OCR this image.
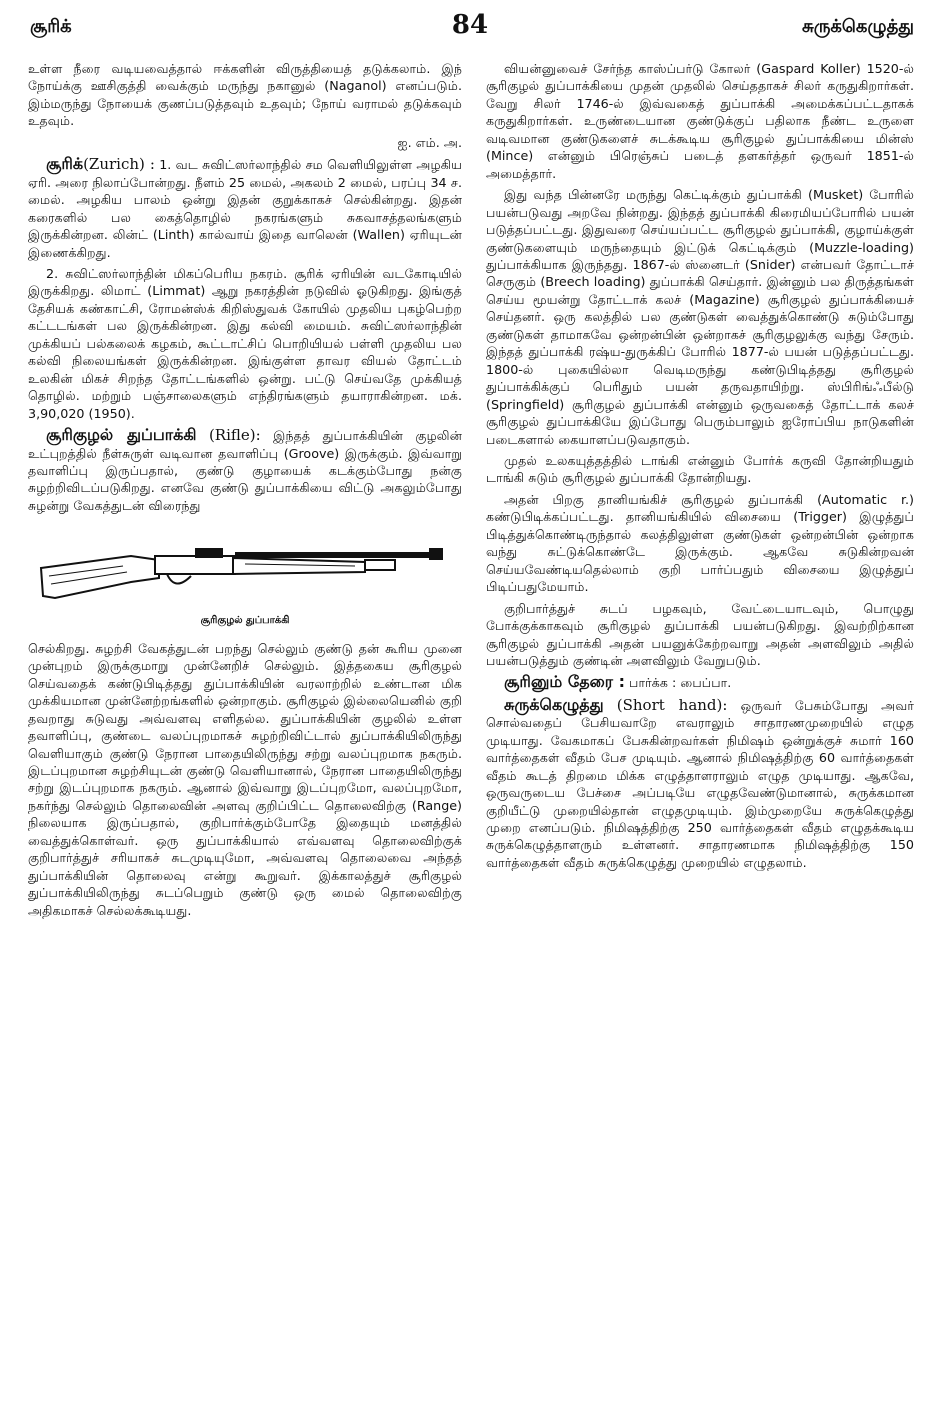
சூரிக்	84	சுருக்கெழுத்து

உள்ள நீரை வடியவைத்தால் ஈக்களின் விருத்தியைத் தடுக்கலாம். இந் நோய்க்கு ஊசிகுத்தி வைக்கும் மருந்து நகானுல் (Naganol) எனப்படும். இம்மருந்து நோயைக் குணப்படுத்தவும் உதவும்; நோய் வராமல் தடுக்கவும் உதவும்.

ஐ. எம். அ.

சூரிக்(Zurich) : 1. வட சுவிட்ஸர்லாந்தில் சம வெளியிலுள்ள அழகிய ஏரி. அரை நிலாப்போன்றது. நீளம் 25 மைல், அகலம் 2 மைல், பரப்பு 34 ச. மைல். அழகிய பாலம் ஒன்று இதன் குறுக்காகச் செல்கின்றது. இதன் கரைகளில் பல கைத்தொழில் நகரங்களும் சுகவாசத்தலங்களும் இருக்கின்றன. லின்ட் (Linth) கால்வாய் இதை வாலென் (Wallen) ஏரியுடன் இணைக்கிறது.

2. சுவிட்ஸர்லாந்தின் மிகப்பெரிய நகரம். சூரிக் ஏரியின் வடகோடியில் இருக்கிறது. லிமாட் (Limmat) ஆறு நகரத்தின் நடுவில் ஓடுகிறது. இங்குத் தேசியக் கண்காட்சி, ரோமன்ஸ்க் கிறிஸ்துவக் கோயில் முதலிய புகழ்பெற்ற கட்டடங்கள் பல இருக்கின்றன. இது கல்வி மையம். சுவிட்ஸர்லாந்தின் முக்கியப் பல்கலைக் கழகம், கூட்டாட்சிப் பொறியியல் பள்ளி முதலிய பல கல்வி நிலையங்கள் இருக்கின்றன. இங்குள்ள தாவர வியல் தோட்டம் உலகின் மிகச் சிறந்த தோட்டங்களில் ஒன்று. பட்டு செய்வதே முக்கியத் தொழில். மற்றும் பஞ்சாலைகளும் எந்திரங்களும் தயாராகின்றன. மக். 3,90,020 (1950).

சூரிகுழல் துப்பாக்கி (Rifle): இந்தத் துப்பாக்கியின் குழலின் உட்புறத்தில் நீள்சுருள் வடிவான தவாளிப்பு (Groove) இருக்கும். இவ்வாறு தவாளிப்பு இருப்பதால், குண்டு குழாயைக் கடக்கும்போது நன்கு சுழற்றிவிடப்படுகிறது. எனவே குண்டு துப்பாக்கியை விட்டு அகலும்போது சுழன்று வேகத்துடன் விரைந்து

சூரிகுழல் துப்பாக்கி

செல்கிறது. சுழற்சி வேகத்துடன் பறந்து செல்லும் குண்டு தன் கூரிய முனை முன்புறம் இருக்குமாறு முன்னேறிச் செல்லும். இத்தகைய சூரிகுழல் செய்வதைக் கண்டுபிடித்தது துப்பாக்கியின் வரலாற்றில் உண்டான மிக முக்கியமான முன்னேற்றங்களில் ஒன்றாகும். சூரிகுழல் இல்லையெனில் குறி தவறாது சுடுவது அவ்வளவு எளிதல்ல. துப்பாக்கியின் குழலில் உள்ள தவாளிப்பு, குண்டை வலப்புறமாகச் சுழற்றிவிட்டால் துப்பாக்கியிலிருந்து வெளியாகும் குண்டு நேரான பாதையிலிருந்து சற்று வலப்புறமாக நகரும். இடப்புறமான சுழற்சியுடன் குண்டு வெளியானால், நேரான பாதையிலிருந்து சற்று இடப்புறமாக நகரும். ஆனால் இவ்வாறு இடப்புறமோ, வலப்புறமோ, நகர்ந்து செல்லும் தொலைவின் அளவு குறிப்பிட்ட தொலைவிற்கு (Range) நிலையாக இருப்பதால், குறிபார்க்கும்போதே இதையும் மனத்தில் வைத்துக்கொள்வர். ஒரு துப்பாக்கியால் எவ்வளவு தொலைவிற்குக் குறிபார்த்துச் சரியாகச் சுடமுடியுமோ, அவ்வளவு தொலைவை அந்தத் துப்பாக்கியின் தொலைவு என்று கூறுவர். இக்காலத்துச் சூரிகுழல் துப்பாக்கியிலிருந்து சுடப்பெறும் குண்டு ஒரு மைல் தொலைவிற்கு அதிகமாகச் செல்லக்கூடியது.

வியன்னுவைச் சேர்ந்த காஸ்ப்பர்டு கோலர் (Gaspard Koller) 1520-ல் சூரிகுழல் துப்பாக்கியை முதன் முதலில் செய்ததாகச் சிலர் கருதுகிறார்கள். வேறு சிலர் 1746-ல் இவ்வகைத் துப்பாக்கி அமைக்கப்பட்டதாகக் கருதுகிறார்கள். உருண்டையான குண்டுக்குப் பதிலாக நீண்ட உருளை வடிவமான குண்டுகளைச் சுடக்கூடிய சூரிகுழல் துப்பாக்கியை மின்ஸ் (Mince) என்னும் பிரெஞ்சுப் படைத் தளகர்த்தர் ஒருவர் 1851-ல் அமைத்தார்.

இது வந்த பின்னரே மருந்து கெட்டிக்கும் துப்பாக்கி (Musket) போரில் பயன்படுவது அறவே நின்றது. இந்தத் துப்பாக்கி கிரைமியப்போரில் பயன் படுத்தப்பட்டது. இதுவரை செய்யப்பட்ட சூரிகுழல் துப்பாக்கி, குழாய்க்குள் குண்டுகளையும் மருந்தையும் இட்டுக் கெட்டிக்கும் (Muzzle-loading) துப்பாக்கியாக இருந்தது. 1867-ல் ஸ்னைடர் (Snider) என்பவர் தோட்டாச் செருகும் (Breech loading) துப்பாக்கி செய்தார். இன்னும் பல திருத்தங்கள் செய்ய மூயன்று தோட்டாக் கலச் (Magazine) சூரிகுழல் துப்பாக்கியைச் செய்தனர். ஒரு கலத்தில் பல குண்டுகள் வைத்துக்கொண்டு சுடும்போது குண்டுகள் தாமாகவே ஒன்றன்பின் ஒன்றாகச் சூரிகுழலுக்கு வந்து சேரும். இந்தத் துப்பாக்கி ரஷ்ய-துருக்கிப் போரில் 1877-ல் பயன் படுத்தப்பட்டது. 1800-ல் புகையில்லா வெடிமருந்து கண்டுபிடித்தது சூரிகுழல் துப்பாக்கிக்குப் பெரிதும் பயன் தருவதாயிற்று. ஸ்பிரிங்ஃபீல்டு (Springfield) சூரிகுழல் துப்பாக்கி என்னும் ஒருவகைத் தோட்டாக் கலச் சூரிகுழல் துப்பாக்கியே இப்போது பெரும்பாலும் ஐரோப்பிய நாடுகளின் படைகளால் கையாளப்படுவதாகும்.

முதல் உலகயுத்தத்தில் டாங்கி என்னும் போர்க் கருவி தோன்றியதும் டாங்கி சுடும் சூரிகுழல் துப்பாக்கி தோன்றியது.

அதன் பிறகு தானியங்கிச் சூரிகுழல் துப்பாக்கி (Automatic r.) கண்டுபிடிக்கப்பட்டது. தானியங்கியில் விசையை (Trigger) இழுத்துப் பிடித்துக்கொண்டிருந்தால் கலத்திலுள்ள குண்டுகள் ஒன்றன்பின் ஒன்றாக வந்து சுட்டுக்கொண்டே இருக்கும். ஆகவே சுடுகின்றவன் செய்யவேண்டியதெல்லாம் குறி பார்ப்பதும் விசையை இழுத்துப் பிடிப்பதுமேயாம்.

குறிபார்த்துச் சுடப் பழகவும், வேட்டையாடவும், பொழுது போக்குக்காகவும் சூரிகுழல் துப்பாக்கி பயன்படுகிறது. இவற்றிற்கான சூரிகுழல் துப்பாக்கி அதன் பயனுக்கேற்றவாறு அதன் அளவிலும் அதில் பயன்படுத்தும் குண்டின் அளவிலும் வேறுபடும்.

சூரினும் தேரை : பார்க்க : பைப்பா.

சுருக்கெழுத்து (Short hand): ஒருவர் பேசும்போது அவர் சொல்வதைப் பேசியவாறே எவராலும் சாதாரணமுறையில் எழுத முடியாது. வேகமாகப் பேசுகின்றவர்கள் நிமிஷம் ஒன்றுக்குச் சுமார் 160 வார்த்தைகள் வீதம் பேச முடியும். ஆனால் நிமிஷத்திற்கு 60 வார்த்தைகள் வீதம் கூடத் திறமை மிக்க எழுத்தாளராலும் எழுத முடியாது. ஆகவே, ஒருவருடைய பேச்சை அப்படியே எழுதவேண்டுமானால், சுருக்கமான குறியீட்டு முறையில்தான் எழுதமுடியும். இம்முறையே சுருக்கெழுத்து முறை எனப்படும். நிமிஷத்திற்கு 250 வார்த்தைகள் வீதம் எழுதக்கூடிய சுருக்கெழுத்தாளரும் உள்ளனர். சாதாரணமாக நிமிஷத்திற்கு 150 வார்த்தைகள் வீதம் சுருக்கெழுத்து முறையில் எழுதலாம்.
